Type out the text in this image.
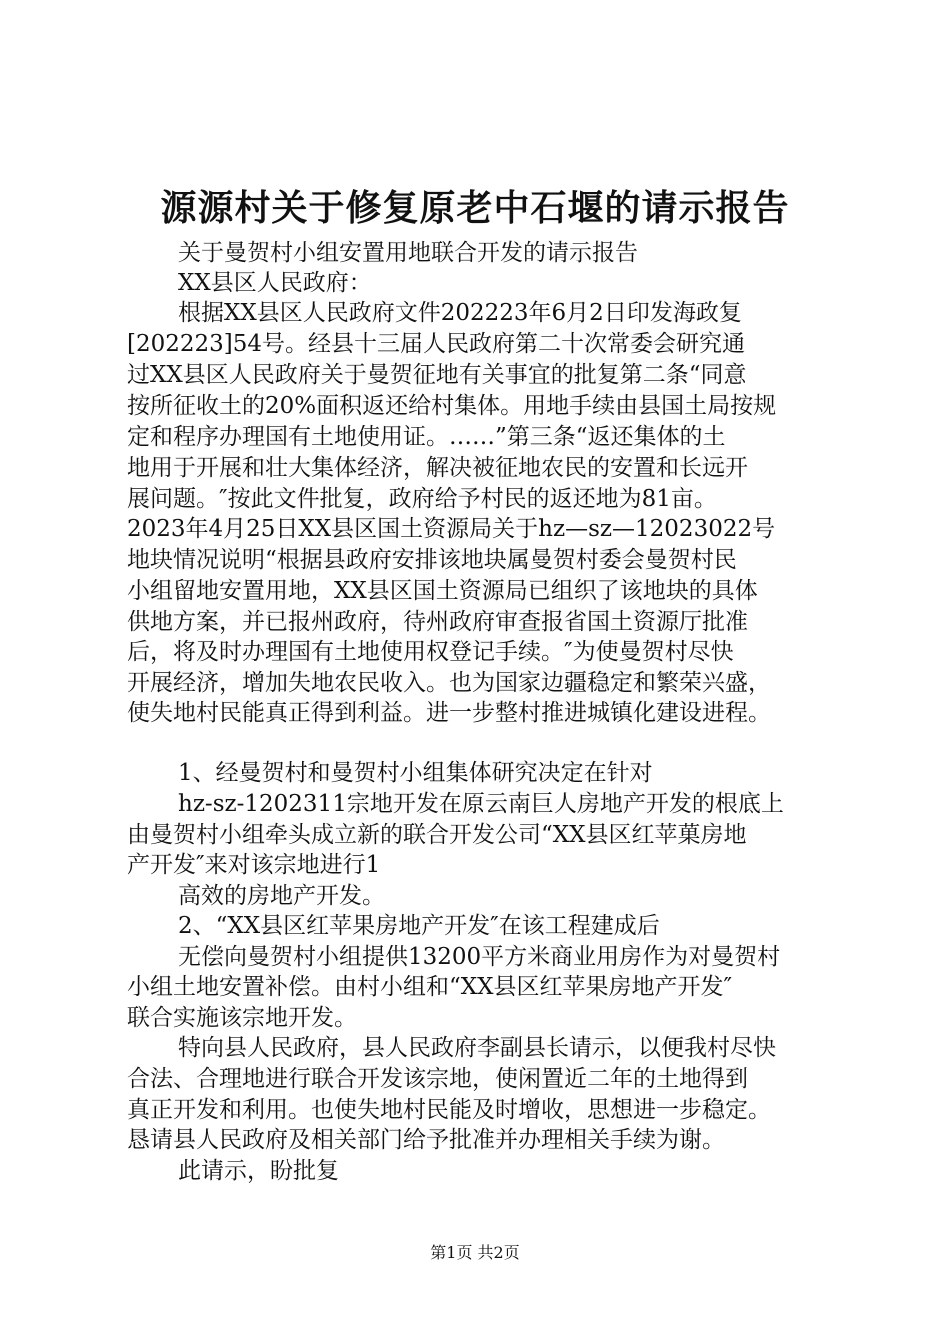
源源村关于修复原老中石堰的请示报告
关于曼贺村小组安置用地联合开发的请示报告
XX县区人民政府：
根据XX县区人民政府文件202223年6月2日印发海政复
[202223]54号。经县十三届人民政府第二十次常委会研究通
过XX县区人民政府关于曼贺征地有关事宜的批复第二条“同意
按所征收土的20%面积返还给村集体。用地手续由县国土局按规
定和程序办理国有土地使用证。……”第三条“返还集体的土
地用于开展和壮大集体经济，解决被征地农民的安置和长远开
展问题。″按此文件批复，政府给予村民的返还地为81亩。
2023年4月25日XX县区国土资源局关于hz—sz—12023022号
地块情况说明“根据县政府安排该地块属曼贺村委会曼贺村民
小组留地安置用地，XX县区国土资源局已组织了该地块的具体
供地方案，并已报州政府，待州政府审查报省国土资源厅批准
后，将及时办理国有土地使用权登记手续。″为使曼贺村尽快
开展经济，增加失地农民收入。也为国家边疆稳定和繁荣兴盛，
使失地村民能真正得到利益。进一步整村推进城镇化建设进程。
1、经曼贺村和曼贺村小组集体研究决定在针对
hz-sz-1202311宗地开发在原云南巨人房地产开发的根底上
由曼贺村小组牵头成立新的联合开发公司“XX县区红苹菓房地
产开发″来对该宗地进行1
高效的房地产开发。
2、“XX县区红苹果房地产开发″在该工程建成后
无偿向曼贺村小组提供13200平方米商业用房作为对曼贺村
小组土地安置补偿。由村小组和“XX县区红苹果房地产开发″
联合实施该宗地开发。
特向县人民政府，县人民政府李副县长请示，以便我村尽快
合法、合理地进行联合开发该宗地，使闲置近二年的土地得到
真正开发和利用。也使失地村民能及时增收，思想进一步稳定。
恳请县人民政府及相关部门给予批准并办理相关手续为谢。
此请示，盼批复
第1页 共2页
